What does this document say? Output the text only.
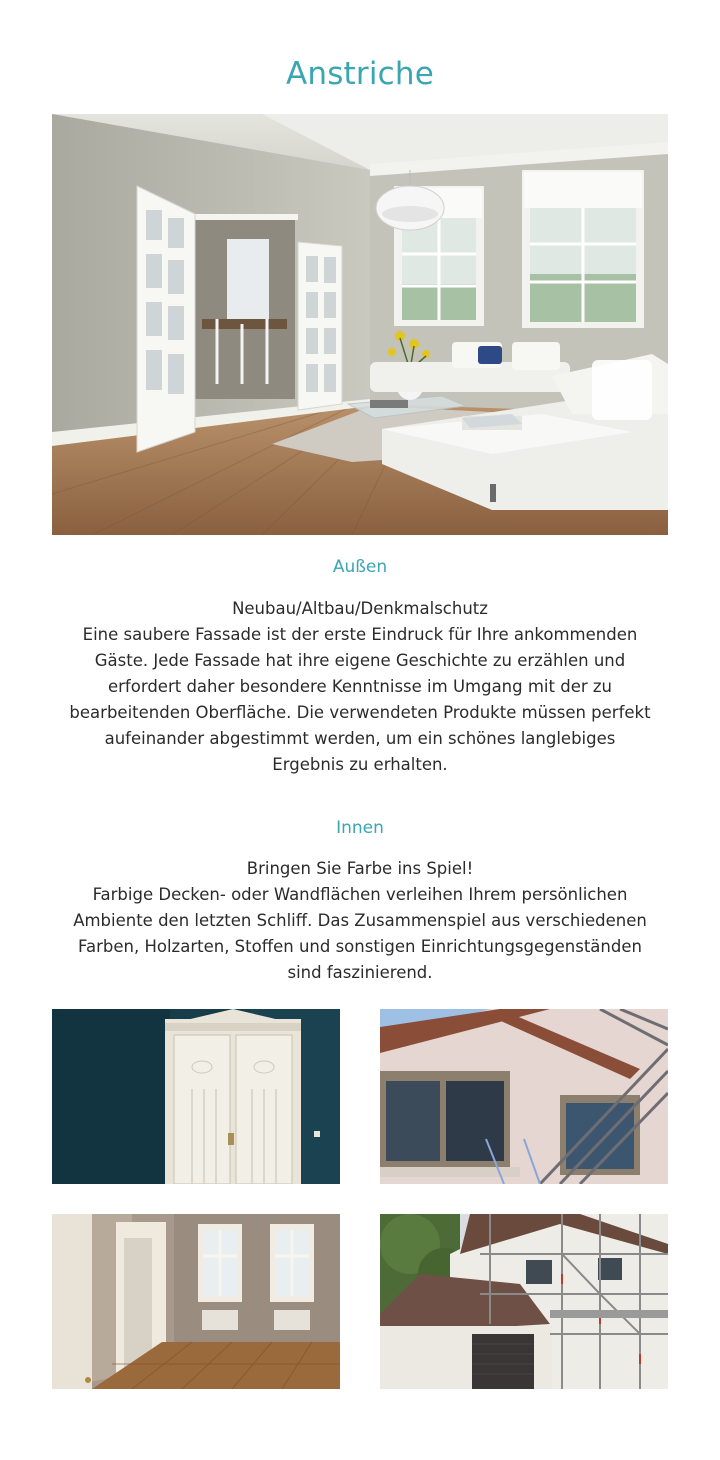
Anstriche
Außen

Neubau/Altbau/Denkmalschutz
Eine saubere Fassade ist der erste Eindruck für Ihre ankommenden
Gäste. Jede Fassade hat ihre eigene Geschichte zu erzählen und
erfordert daher besondere Kenntnisse im Umgang mit der zu
bearbeitenden Oberfläche. Die verwendeten Produkte müssen perfekt
aufeinander abgestimmt werden, um ein schönes langlebiges
Ergebnis zu erhalten.

Innen

Bringen Sie Farbe ins Spiel!
Farbige Decken- oder Wandflächen verleihen Ihrem persönlichen
Ambiente den letzten Schliff. Das Zusammenspiel aus verschiedenen
Farben, Holzarten, Stoffen und sonstigen Einrichtungsgegenständen
sind faszinierend.
